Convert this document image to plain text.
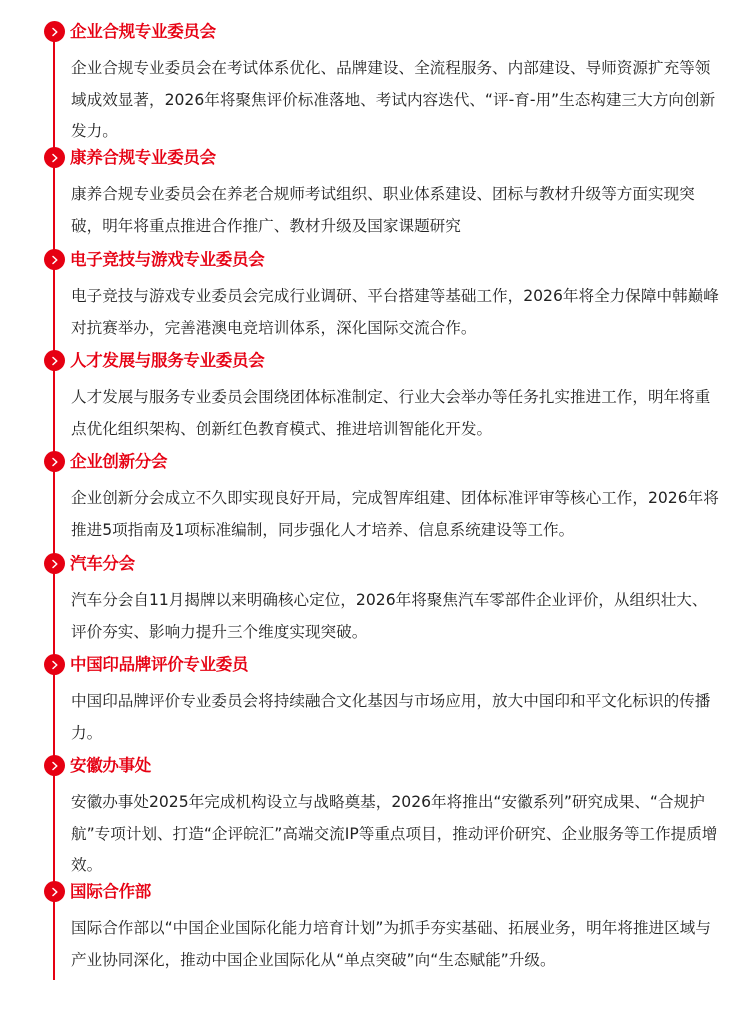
企业合规专业委员会
企业合规专业委员会在考试体系优化、品牌建设、全流程服务、内部建设、导师资源扩充等领域成效显著，2026年将聚焦评价标准落地、考试内容迭代、“评-育-用”生态构建三大方向创新发力。
康养合规专业委员会
康养合规专业委员会在养老合规师考试组织、职业体系建设、团标与教材升级等方面实现突破，明年将重点推进合作推广、教材升级及国家课题研究
电子竞技与游戏专业委员会
电子竞技与游戏专业委员会完成行业调研、平台搭建等基础工作，2026年将全力保障中韩巅峰对抗赛举办，完善港澳电竞培训体系，深化国际交流合作。
人才发展与服务专业委员会
人才发展与服务专业委员会围绕团体标准制定、行业大会举办等任务扎实推进工作，明年将重点优化组织架构、创新红色教育模式、推进培训智能化开发。
企业创新分会
企业创新分会成立不久即实现良好开局，完成智库组建、团体标准评审等核心工作，2026年将推进5项指南及1项标准编制，同步强化人才培养、信息系统建设等工作。
汽车分会
汽车分会自11月揭牌以来明确核心定位，2026年将聚焦汽车零部件企业评价，从组织壮大、评价夯实、影响力提升三个维度实现突破。
中国印品牌评价专业委员
中国印品牌评价专业委员会将持续融合文化基因与市场应用，放大中国印和平文化标识的传播力。
安徽办事处
安徽办事处2025年完成机构设立与战略奠基，2026年将推出“安徽系列”研究成果、“合规护航”专项计划、打造“企评皖汇”高端交流IP等重点项目，推动评价研究、企业服务等工作提质增效。
国际合作部
国际合作部以“中国企业国际化能力培育计划”为抓手夯实基础、拓展业务，明年将推进区域与产业协同深化，推动中国企业国际化从“单点突破”向“生态赋能”升级。
